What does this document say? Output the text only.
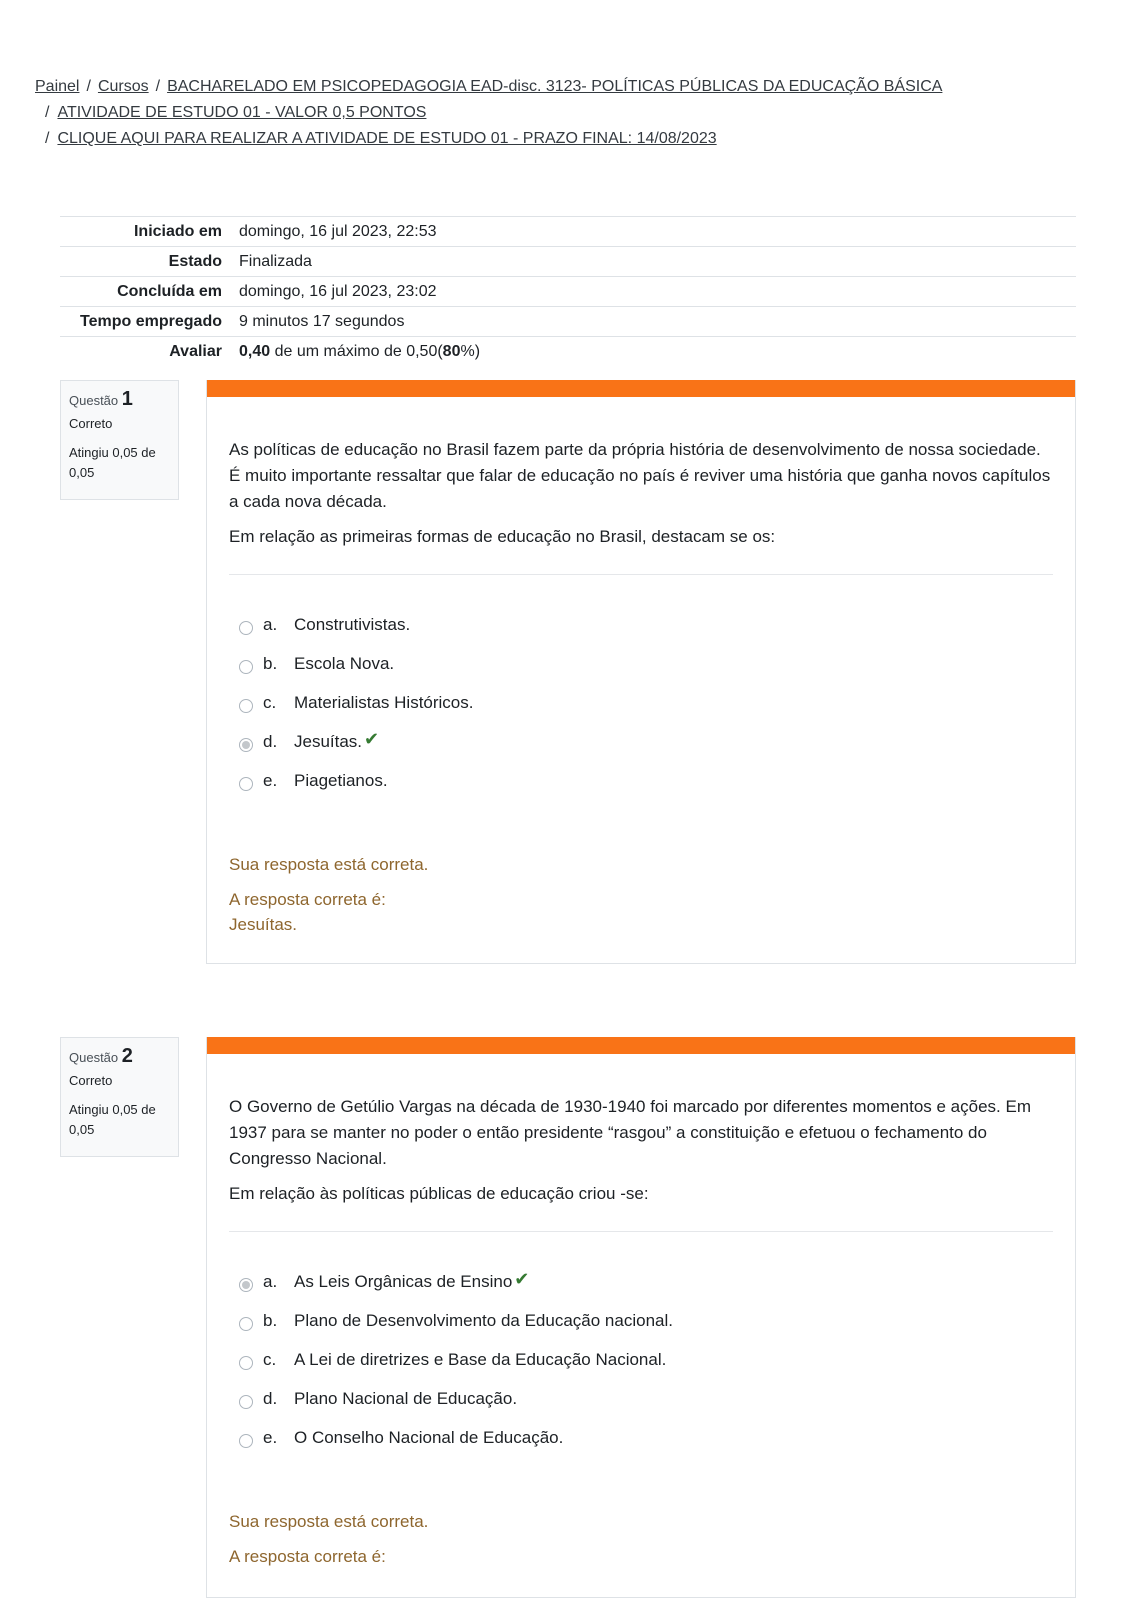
Painel / Cursos / BACHARELADO EM PSICOPEDAGOGIA EAD-disc. 3123- POLÍTICAS PÚBLICAS DA EDUCAÇÃO BÁSICA
/ ATIVIDADE DE ESTUDO 01 - VALOR 0,5 PONTOS
/ CLIQUE AQUI PARA REALIZAR A ATIVIDADE DE ESTUDO 01 - PRAZO FINAL: 14/08/2023
Iniciado em	domingo, 16 jul 2023, 22:53
Estado	Finalizada
Concluída em	domingo, 16 jul 2023, 23:02
Tempo empregado	9 minutos 17 segundos
Avaliar	0,40 de um máximo de 0,50(80%)
Questão 1
Correto
Atingiu 0,05 de 0,05

As políticas de educação no Brasil fazem parte da própria história de desenvolvimento de nossa sociedade. É muito importante ressaltar que falar de educação no país é reviver uma história que ganha novos capítulos a cada nova década.

Em relação as primeiras formas de educação no Brasil, destacam se os:

a. Construtivistas.
b. Escola Nova.
c.	Materialistas Históricos.
d. Jesuítas. ✔
e. Piagetianos.
Sua resposta está correta.
A resposta correta é:
Jesuítas.
Questão 2
Correto
Atingiu 0,05 de 0,05

O Governo de Getúlio Vargas na década de 1930-1940 foi marcado por diferentes momentos e ações. Em 1937 para se manter no poder o então presidente “rasgou” a constituição e efetuou o fechamento do Congresso Nacional.

Em relação às políticas públicas de educação criou -se:

a. As Leis Orgânicas de Ensino ✔
b. Plano de Desenvolvimento da Educação nacional.
c.	A Lei de diretrizes e Base da Educação Nacional.
d. Plano Nacional de Educação.
e. O Conselho Nacional de Educação.
Sua resposta está correta.
A resposta correta é:
